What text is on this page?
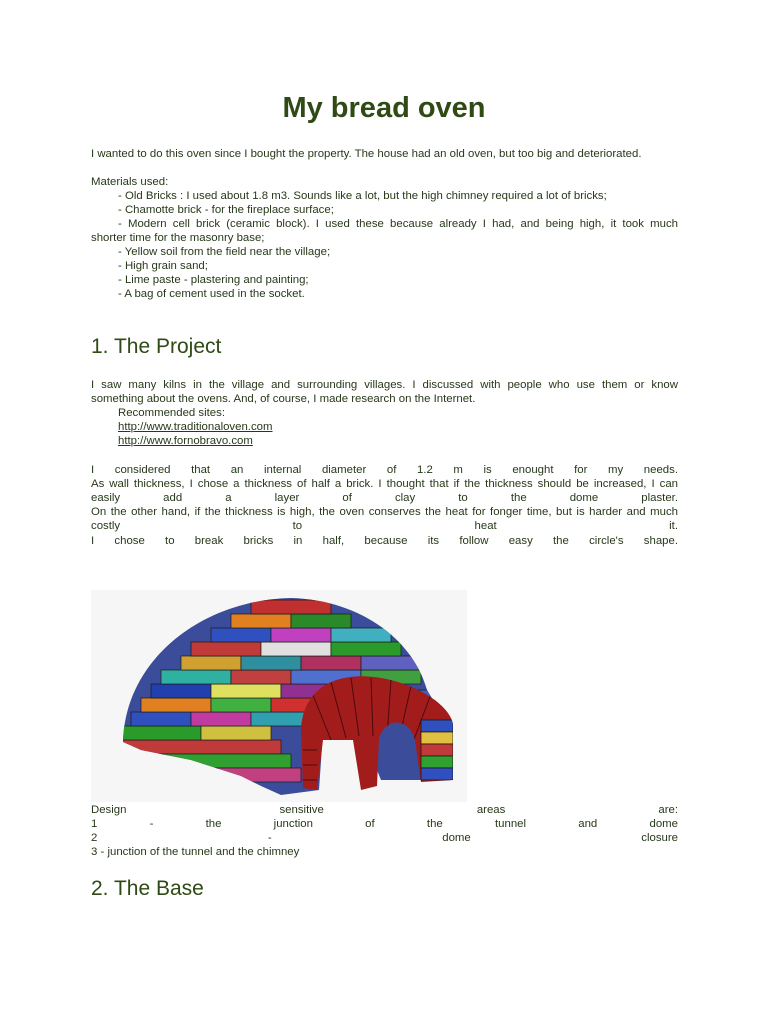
My bread oven
I wanted to do this oven since I bought the property. The house had an old oven, but too big and deteriorated.
Materials used:
- Old Bricks : I used about 1.8 m3. Sounds like a lot, but the high chimney required a lot of bricks;
- Chamotte brick - for the fireplace surface;
- Modern cell brick (ceramic block). I used these because already I had, and being high, it took much
shorter time for the masonry base;
- Yellow soil from the field near the village;
- High grain sand;
- Lime paste - plastering and painting;
- A bag of cement used in the socket.
1. The Project
I saw many kilns in the village and surrounding villages. I discussed with people who use them or know
something about the ovens. And, of course, I made research on the Internet.
Recommended sites:
http://www.traditionaloven.com
http://www.fornobravo.com
I considered that an internal diameter of 1.2 m is enought for my needs.
As wall thickness, I chose a thickness of half a brick. I thought that if the thickness should be increased, I can
easily add a layer of clay to the dome plaster.
On the other hand, if the thickness is high, the oven conserves the heat for fonger time, but is harder and much
costly to heat it.
I chose to break bricks in half, because its follow easy the circle's shape.
Design sensitive areas are:
1 - the junction of the tunnel and dome
2 - dome closure
3 - junction of the tunnel and the chimney
2. The Base
